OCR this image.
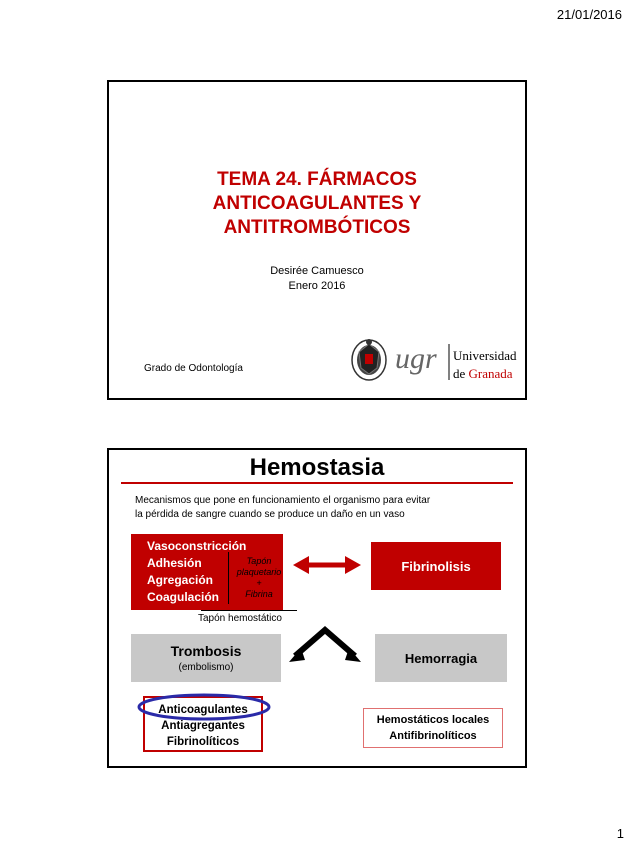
21/01/2016
TEMA 24. FÁRMACOS
ANTICOAGULANTES Y
ANTITROMBÓTICOS
Desirée Camuesco
Enero 2016
Grado de Odontología	ugr Universidad
de Granada
Hemostasia
Mecanismos que pone en funcionamiento el organismo para evitar
la pérdida de sangre cuando se produce un daño en un vaso
Vasoconstricción
Adhesión
Agregación
Coagulación
Tapón
plaquetario
+
Fibrina
Tapón hemostático
Fibrinolisis
Trombosis
(embolismo)
Hemorragia
Anticoagulantes
Antiagregantes
Fibrinolíticos
Hemostáticos locales
Antifibrinolíticos
1
